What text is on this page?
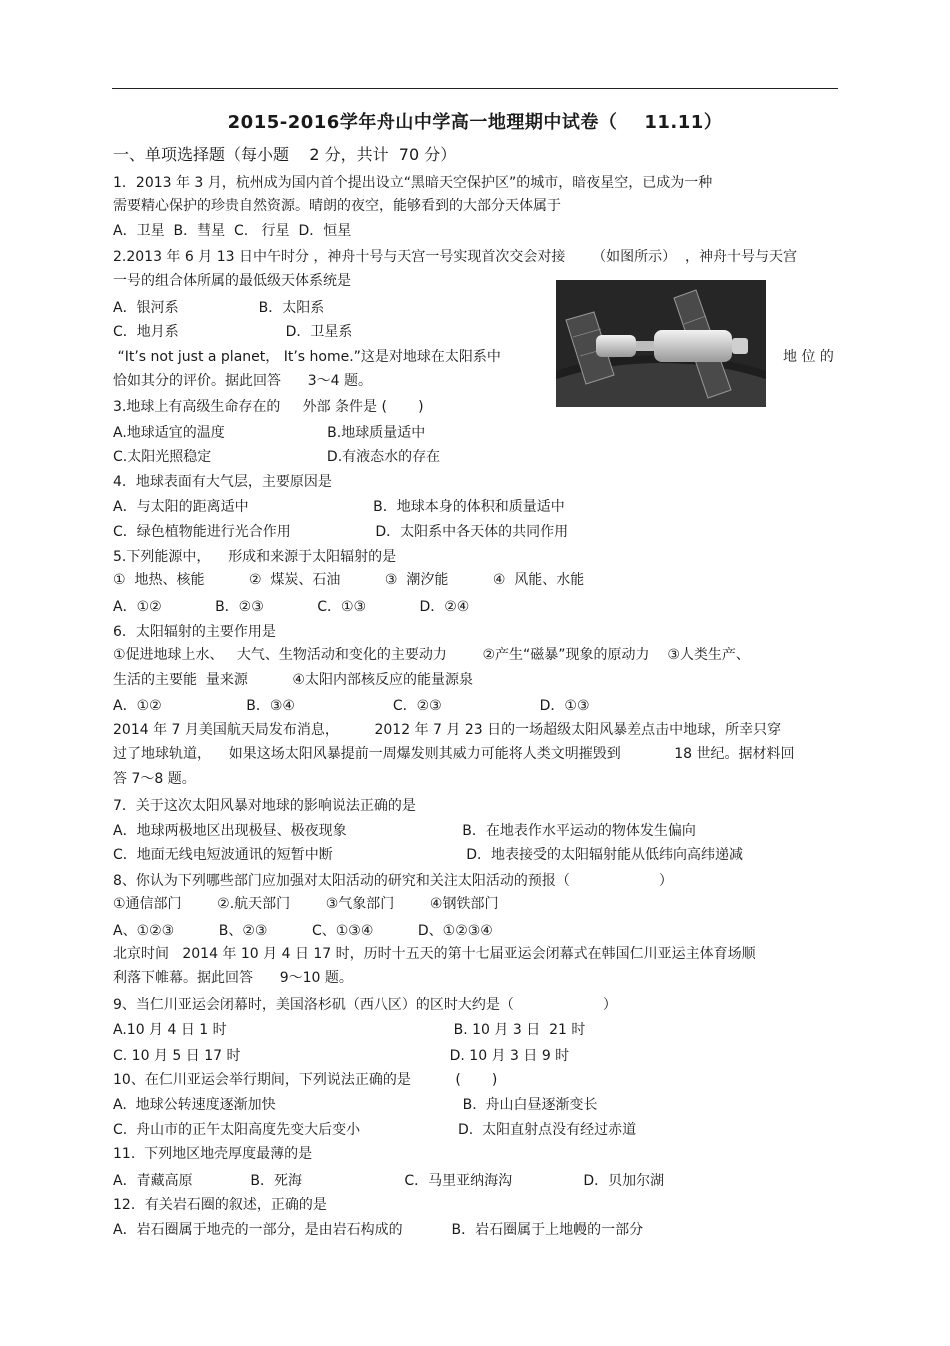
2015-2016学年舟山中学高一地理期中试卷（    11.11）
一、单项选择题（每小题    2 分，共计  70 分）
1．2013 年 3 月，杭州成为国内首个提出设立“黑暗天空保护区”的城市，暗夜星空，已成为一种
需要精心保护的珍贵自然资源。晴朗的夜空，能够看到的大部分天体属于
A．卫星  B．彗星  C.   行星  D．恒星
2.2013 年 6 月 13 日中午时分 ，神舟十号与天宫一号实现首次交会对接      （如图所示）  ，神舟十号与天宫
一号的组合体所属的最低级天体系统是
A．银河系                  B．太阳系
C．地月系                        D．卫星系
“It’s not just a planet， It’s home.”这是对地球在太阳系中
恰如其分的评价。据此回答      3～4 题。
3.地球上有高级生命存在的     外部 条件是 (       )
A.地球适宜的温度                       B.地球质量适中
C.太阳光照稳定                          D.有液态水的存在
4．地球表面有大气层，主要原因是
A．与太阳的距离适中                            B．地球本身的体积和质量适中
C．绿色植物能进行光合作用                   D．太阳系中各天体的共同作用
5.下列能源中，    形成和来源于太阳辐射的是
①  地热、核能          ②  煤炭、石油          ③  潮汐能          ④  风能、水能
A．①②            B．②③            C．①③            D．②④
6．太阳辐射的主要作用是
①促进地球上水、   大气、生物活动和变化的主要动力        ②产生“磁暴”现象的原动力    ③人类生产、
生活的主要能  量来源          ④太阳内部核反应的能量源泉
A．①②                   B．③④                      C．②③                      D．①③
2014 年 7 月美国航天局发布消息，        2012 年 7 月 23 日的一场超级太阳风暴差点击中地球，所幸只穿
过了地球轨道，    如果这场太阳风暴提前一周爆发则其威力可能将人类文明摧毁到            18 世纪。据材料回
答 7～8 题。
7．关于这次太阳风暴对地球的影响说法正确的是
A．地球两极地区出现极昼、极夜现象                          B．在地表作水平运动的物体发生偏向
C．地面无线电短波通讯的短暂中断                              D．地表接受的太阳辐射能从低纬向高纬递减
8、你认为下列哪些部门应加强对太阳活动的研究和关注太阳活动的预报（                    ）
①通信部门        ②.航天部门        ③气象部门        ④钢铁部门
A、①②③          B、②③          C、①③④          D、①②③④
北京时间   2014 年 10 月 4 日 17 时，历时十五天的第十七届亚运会闭幕式在韩国仁川亚运主体育场顺
利落下帷幕。据此回答      9～10 题。
9、当仁川亚运会闭幕时，美国洛杉矶（西八区）的区时大约是（                    ）
A.10 月 4 日 1 时                                                   B. 10 月 3 日  21 时
C. 10 月 5 日 17 时                                               D. 10 月 3 日 9 时
10、在仁川亚运会举行期间，下列说法正确的是          (       )
A.  地球公转速度逐渐加快                                          B.  舟山白昼逐渐变长
C.  舟山市的正午太阳高度先变大后变小                      D.  太阳直射点没有经过赤道
11.  下列地区地壳厚度最薄的是
A．青藏高原             B．死海                       C．马里亚纳海沟                D．贝加尔湖
12．有关岩石圈的叙述，正确的是
A．岩石圈属于地壳的一部分，是由岩石构成的           B．岩石圈属于上地幔的一部分
地 位 的
